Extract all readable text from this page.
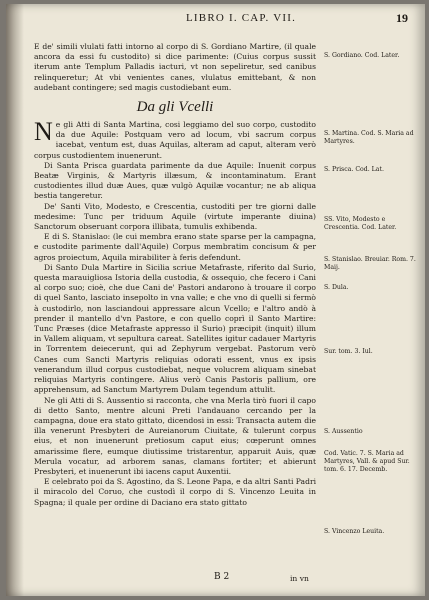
LIBRO I. CAP. VII.	19

E de' simili vlulati fatti intorno al corpo di S. Gordiano Martire, (il quale ancora da essi fu custodito) si dice parimente: (Cuius corpus sussit iterum ante Templum Palladis iacturi, vt non sepeliretur, sed canibus relinqueretur; At vbi venientes canes, vlulatus emittebant, & non audebant contingere; sed magis custodiebant eum.

Da gli Vcelli

Ne gli Atti di Santa Martina, cosi leggiamo del suo corpo, custodito da due Aquile: Postquam vero ad locum, vbi sacrum corpus iacebat, ventum est, duas Aquilas, alteram ad caput, alteram verò corpus custodientem inuenerunt.

Di Santa Prisca guardata parimente da due Aquile: Inuenit corpus Beatæ Virginis, & Martyris illæsum, & incontaminatum. Erant custodientes illud duæ Aues, quæ vulgò Aquilæ vocantur; ne ab aliqua bestia tangeretur.

De' Santi Vito, Modesto, e Crescentia, custoditi per tre giorni dalle medesime: Tunc per triduum Aquile (virtute imperante diuina) Sanctorum obseruant corpora illibata, tumulis exhibenda.

E di S. Stanislao: (le cui membra erano state sparse per la campagna, e custodite parimente dall'Aquile) Corpus membratim concisum & per agros proiectum, Aquila mirabiliter à feris defendunt.

Di Santo Dula Martire in Sicilia scriue Metafraste, riferito dal Surio, questa marauigliosa Istoria della custodia, & ossequio, che fecero i Cani al corpo suo; cioè, che due Cani de' Pastori andarono à trouare il corpo di quel Santo, lasciato insepolto in vna valle; e che vno di quelli si fermò à custodirlo, non lasciandoui appressare alcun Vcello; e l'altro andò à prender il mantello d'vn Pastore, e con quello coprì il Santo Martire: Tunc Præses (dice Metafraste appresso il Surio) præcipit (inquit) illum in Vallem aliquam, vt sepultura careat. Satellites igitur cadauer Martyris in Torrentem deiecerunt, qui ad Zephyrum vergebat. Pastorum verò Canes cum Sancti Martyris reliquias odorati essent, vnus ex ipsis venerandum illud corpus custodiebat, neque volucrem aliquam sinebat reliquias Martyris contingere. Alius verò Canis Pastoris pallium, ore apprehensum, ad Sanctum Martyrem Dulam tegendum attulit.

Ne gli Atti di S. Aussentio si racconta, che vna Merla tirò fuori il capo di detto Santo, mentre alcuni Preti l'andauano cercando per la campagna, doue era stato gittato, dicendosi in essi: Transacta autem die illa venerunt Presbyteri de Aureianorum Ciuitate, & tulerunt corpus eius, et non inuenerunt pretiosum caput eius; cœperunt omnes amarissime flere, eumque diutissime tristarentur, apparuit Auis, quæ Merula vocatur, ad arborem sanas, clamans fortiter; et abierunt Presbyteri, et inuenerunt ibi iacens caput Auxentii.

E celebrato poi da S. Agostino, da S. Leone Papa, e da altri Santi Padri il miracolo del Coruo, che custodì il corpo di S. Vincenzo Leuita in Spagna; il quale per ordine di Daciano era stato gittato

S. Gordiano. Cod. Later.
S. Martina. Cod. S. Maria ad Martyres.
S. Prisca. Cod. Lat.
SS. Vito, Modesto e Crescentia. Cod. Later.
S. Stanislao. Breuiar. Rom. 7. Maij.
S. Dula.
Sur. tom. 3. Iul.
S. Aussentio
Cod. Vatic. 7. S. Maria ad Martyres, Vall. & apud Sur. tom. 6. 17. Decemb.
S. Vincenzo Leuita.
B 2	in vn
